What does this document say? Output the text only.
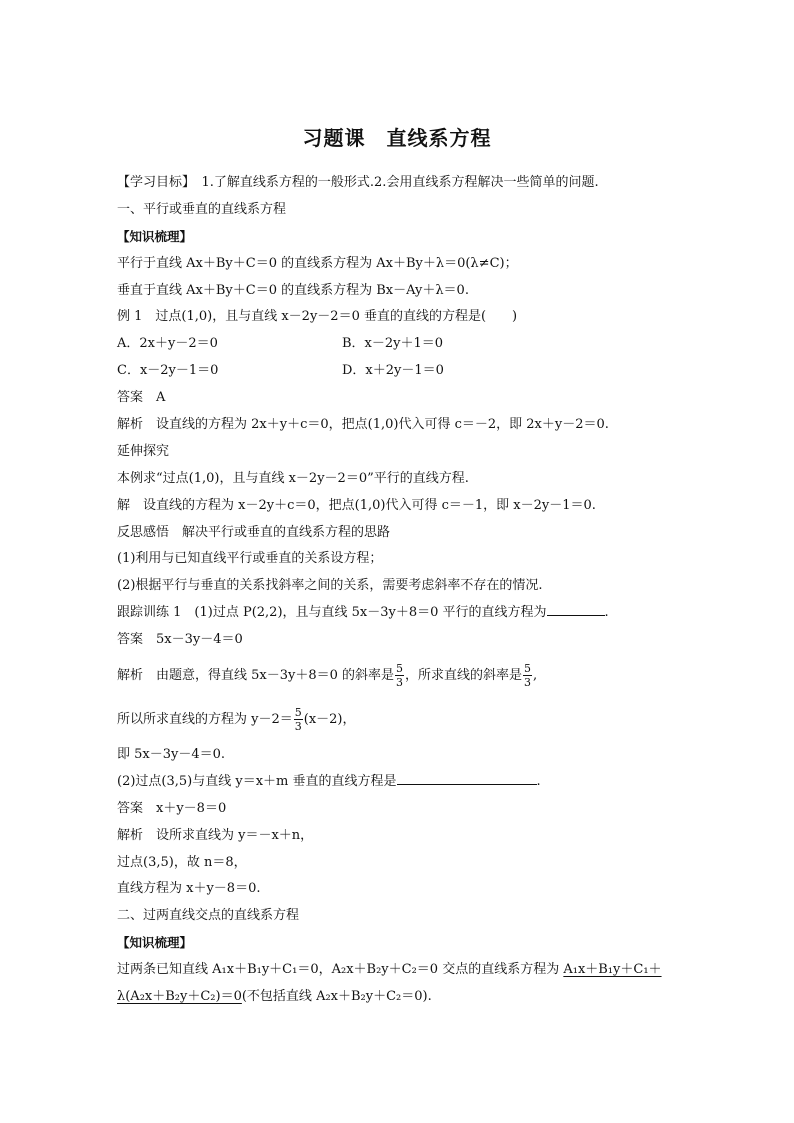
习题课　直线系方程
【学习目标】　1.了解直线系方程的一般形式.2.会用直线系方程解决一些简单的问题.
一、平行或垂直的直线系方程
【知识梳理】
平行于直线 Ax＋By＋C＝0 的直线系方程为 Ax＋By＋λ＝0(λ≠C)；
垂直于直线 Ax＋By＋C＝0 的直线系方程为 Bx－Ay＋λ＝0.
例 1　过点(1,0)，且与直线 x－2y－2＝0 垂直的直线的方程是(　　)
A．2x＋y－2＝0	B．x－2y＋1＝0
C．x－2y－1＝0	D．x＋2y－1＝0
答案　A
解析　设直线的方程为 2x＋y＋c＝0，把点(1,0)代入可得 c＝－2，即 2x＋y－2＝0.
延伸探究
本例求“过点(1,0)，且与直线 x－2y－2＝0”平行的直线方程.
解　设直线的方程为 x－2y＋c＝0，把点(1,0)代入可得 c＝－1，即 x－2y－1＝0.
反思感悟　解决平行或垂直的直线系方程的思路
(1)利用与已知直线平行或垂直的关系设方程；
(2)根据平行与垂直的关系找斜率之间的关系，需要考虑斜率不存在的情况.
跟踪训练 1　(1)过点 P(2,2)，且与直线 5x－3y＋8＝0 平行的直线方程为	.
答案　5x－3y－4＝0
解析　由题意，得直线 5x－3y＋8＝0 的斜率是 $\frac{5}{3}$ ，所求直线的斜率是 $\frac{5}{3}$ ,
所以所求直线的方程为 $y-2= \frac{5}{3} (x-2)$，
即 5x－3y－4＝0.
(2)过点(3,5)与直线 y＝x＋m 垂直的直线方程是	.
答案　x＋y－8＝0
解析　设所求直线为 y＝－x＋n，
过点(3,5)，故 n＝8，
直线方程为 x＋y－8＝0.
二、过两直线交点的直线系方程
【知识梳理】
过两条已知直线 A₁x＋B₁y＋C₁＝0，A₂x＋B₂y＋C₂＝0 交点的直线系方程为 A₁x＋B₁y＋C₁＋
λ(A₂x＋B₂y＋C₂)＝0(不包括直线 A₂x＋B₂y＋C₂＝0).
